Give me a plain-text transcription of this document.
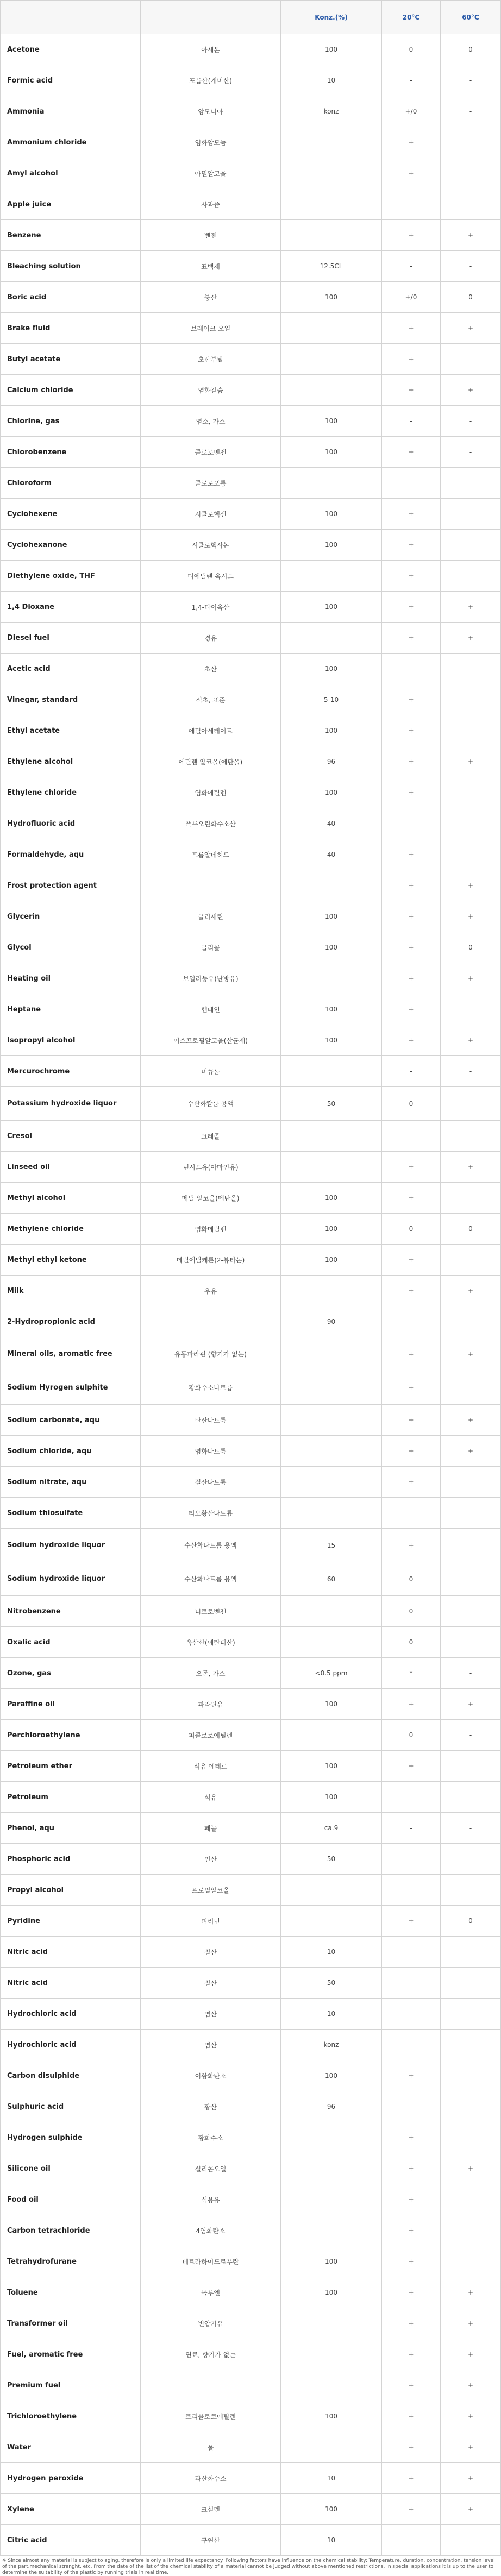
		Konz.(%)	20°C	60°C
Acetone	아세톤	100	0	0
Formic acid	포름산(개미산)	10	-	-
Ammonia	암모니아	konz	+/0	-
Ammonium chloride	염화암모늄		+	
Amyl alcohol	아밀알코올		+	
Apple juice	사과즙			
Benzene	벤젠		+	+
Bleaching solution	표백제	12.5CL	-	-
Boric acid	붕산	100	+/0	0
Brake fluid	브레이크 오일		+	+
Butyl acetate	초산부틸		+	
Calcium chloride	염화칼슘		+	+
Chlorine, gas	염소, 가스	100	-	-
Chlorobenzene	클로로벤젠	100	+	-
Chloroform	클로로포름		-	-
Cyclohexene	시클로헥센	100	+	
Cyclohexanone	시클로헥사논	100	+	
Diethylene oxide, THF	디에틸렌 옥시드		+	
1,4 Dioxane	1,4-다이옥산	100	+	+
Diesel fuel	경유		+	+
Acetic acid	초산	100	-	-
Vinegar, standard	식초, 표준	5-10	+	
Ethyl acetate	에틸아세테이트	100	+	
Ethylene alcohol	에틸렌 알코올(에탄올)	96	+	+
Ethylene chloride	염화에틸렌	100	+	
Hydrofluoric acid	플루오린화수소산	40	-	-
Formaldehyde, aqu	포름알데히드	40	+	
Frost protection agent			+	+
Glycerin	글리세린	100	+	+
Glycol	글리콜	100	+	0
Heating oil	보일러등유(난방유)		+	+
Heptane	헵테인	100	+	
Isopropyl alcohol	이소프로필알코올(살균제)	100	+	+
Mercurochrome	머큐롬		-	-
Potassium hydroxide liquor	수산화칼륨 용액	50	0	-
Cresol	크레졸		-	-
Linseed oil	린시드유(아마인유)		+	+
Methyl alcohol	메틸 알코올(메탄올)	100	+	
Methylene chloride	염화메틸렌	100	0	0
Methyl ethyl ketone	메틸에틸케톤(2-뷰타논)	100	+	
Milk	우유		+	+
2-Hydropropionic acid		90	-	-
Mineral oils, aromatic free	유동파라핀 (향기가 없는)		+	+
Sodium Hyrogen sulphite	황화수소나트륨		+	
Sodium carbonate, aqu	탄산나트륨		+	+
Sodium chloride, aqu	염화나트륨		+	+
Sodium nitrate, aqu	질산나트륨		+	
Sodium thiosulfate	티오황산나트륨			
Sodium hydroxide liquor	수산화나트륨 용액	15	+	
Sodium hydroxide liquor	수산화나트륨 용액	60	0	
Nitrobenzene	니트로벤젠		0	
Oxalic acid	옥살산(에탄디산)		0	
Ozone, gas	오존, 가스	<0.5 ppm	*	-
Paraffine oil	파라핀유	100	+	+
Perchloroethylene	퍼클로로에틸렌		0	-
Petroleum ether	석유 에테르	100	+	
Petroleum	석유	100		
Phenol, aqu	페놀	ca.9	-	-
Phosphoric acid	인산	50	-	-
Propyl alcohol	프로필알코올			
Pyridine	피리딘		+	0
Nitric acid	질산	10	-	-
Nitric acid	질산	50	-	-
Hydrochloric acid	염산	10	-	-
Hydrochloric acid	염산	konz	-	-
Carbon disulphide	이황화탄소	100	+	
Sulphuric acid	황산	96	-	-
Hydrogen sulphide	황화수소		+	
Silicone oil	실리콘오일		+	+
Food oil	식용유		+	
Carbon tetrachloride	4염화탄소		+	
Tetrahydrofurane	테트라하이드로푸란	100	+	
Toluene	톨루엔	100	+	+
Transformer oil	변압기유		+	+
Fuel, aromatic free	연료, 향기가 없는		+	+
Premium fuel			+	+
Trichloroethylene	트리클로로에틸렌	100	+	+
Water	물		+	+
Hydrogen peroxide	과산화수소	10	+	+
Xylene	크실렌	100	+	+
Citric acid	구연산	10		
※ Since almost any material is subject to aging, therefore is only a limited life expectancy. Following factors have influence on the chemical stability: Temperature, duration, concentration, tension level of the part,mechanical strenght, etc. From the date of the list of the chemical stability of a material cannot be judged without above mentioned restrictions. In special applications it is up to the user to determine the suitability of the plastic by running trials in real time.
